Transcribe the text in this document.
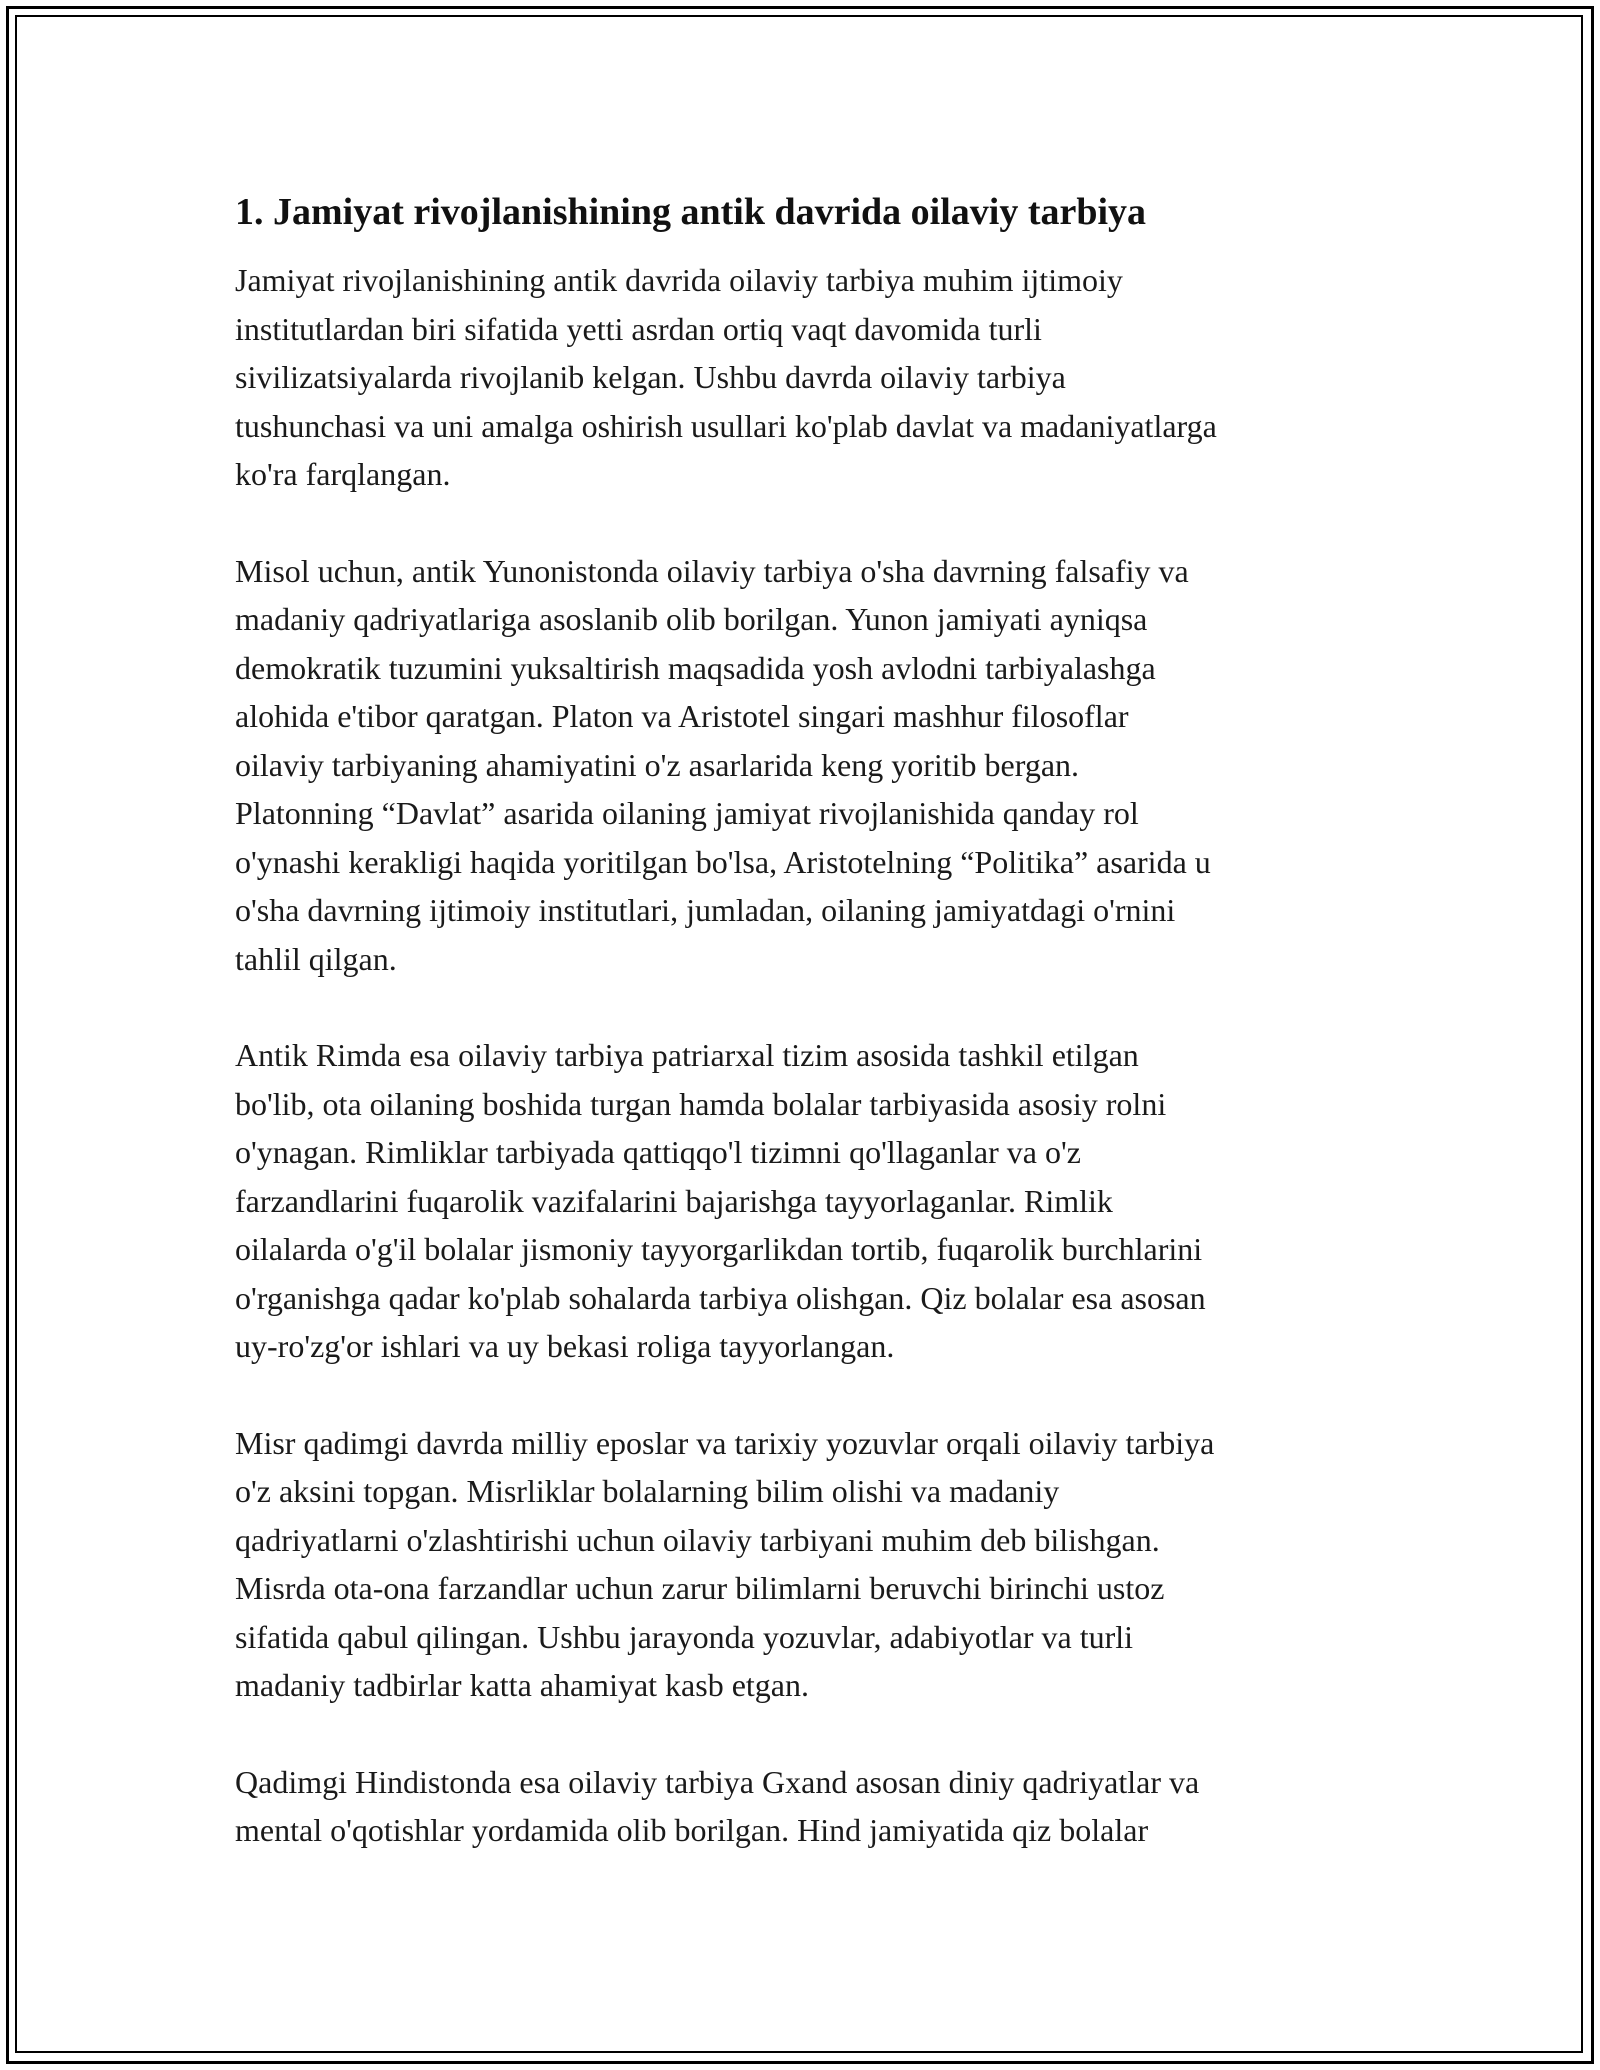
1. Jamiyat rivojlanishining antik davrida oilaviy tarbiya

Jamiyat rivojlanishining antik davrida oilaviy tarbiya muhim ijtimoiy
institutlardan biri sifatida yetti asrdan ortiq vaqt davomida turli
sivilizatsiyalarda rivojlanib kelgan. Ushbu davrda oilaviy tarbiya
tushunchasi va uni amalga oshirish usullari ko'plab davlat va madaniyatlarga
ko'ra farqlangan.

Misol uchun, antik Yunonistonda oilaviy tarbiya o'sha davrning falsafiy va
madaniy qadriyatlariga asoslanib olib borilgan. Yunon jamiyati ayniqsa
demokratik tuzumini yuksaltirish maqsadida yosh avlodni tarbiyalashga
alohida e'tibor qaratgan. Platon va Aristotel singari mashhur filosoflar
oilaviy tarbiyaning ahamiyatini o'z asarlarida keng yoritib bergan.
Platonning “Davlat” asarida oilaning jamiyat rivojlanishida qanday rol
o'ynashi kerakligi haqida yoritilgan bo'lsa, Aristotelning “Politika” asarida u
o'sha davrning ijtimoiy institutlari, jumladan, oilaning jamiyatdagi o'rnini
tahlil qilgan.

Antik Rimda esa oilaviy tarbiya patriarxal tizim asosida tashkil etilgan
bo'lib, ota oilaning boshida turgan hamda bolalar tarbiyasida asosiy rolni
o'ynagan. Rimliklar tarbiyada qattiqqo'l tizimni qo'llaganlar va o'z
farzandlarini fuqarolik vazifalarini bajarishga tayyorlaganlar. Rimlik
oilalarda o'g'il bolalar jismoniy tayyorgarlikdan tortib, fuqarolik burchlarini
o'rganishga qadar ko'plab sohalarda tarbiya olishgan. Qiz bolalar esa asosan
uy-ro'zg'or ishlari va uy bekasi roliga tayyorlangan.

Misr qadimgi davrda milliy eposlar va tarixiy yozuvlar orqali oilaviy tarbiya
o'z aksini topgan. Misrliklar bolalarning bilim olishi va madaniy
qadriyatlarni o'zlashtirishi uchun oilaviy tarbiyani muhim deb bilishgan.
Misrda ota-ona farzandlar uchun zarur bilimlarni beruvchi birinchi ustoz
sifatida qabul qilingan. Ushbu jarayonda yozuvlar, adabiyotlar va turli
madaniy tadbirlar katta ahamiyat kasb etgan.

Qadimgi Hindistonda esa oilaviy tarbiya Gxand asosan diniy qadriyatlar va
mental o'qotishlar yordamida olib borilgan. Hind jamiyatida qiz bolalar
